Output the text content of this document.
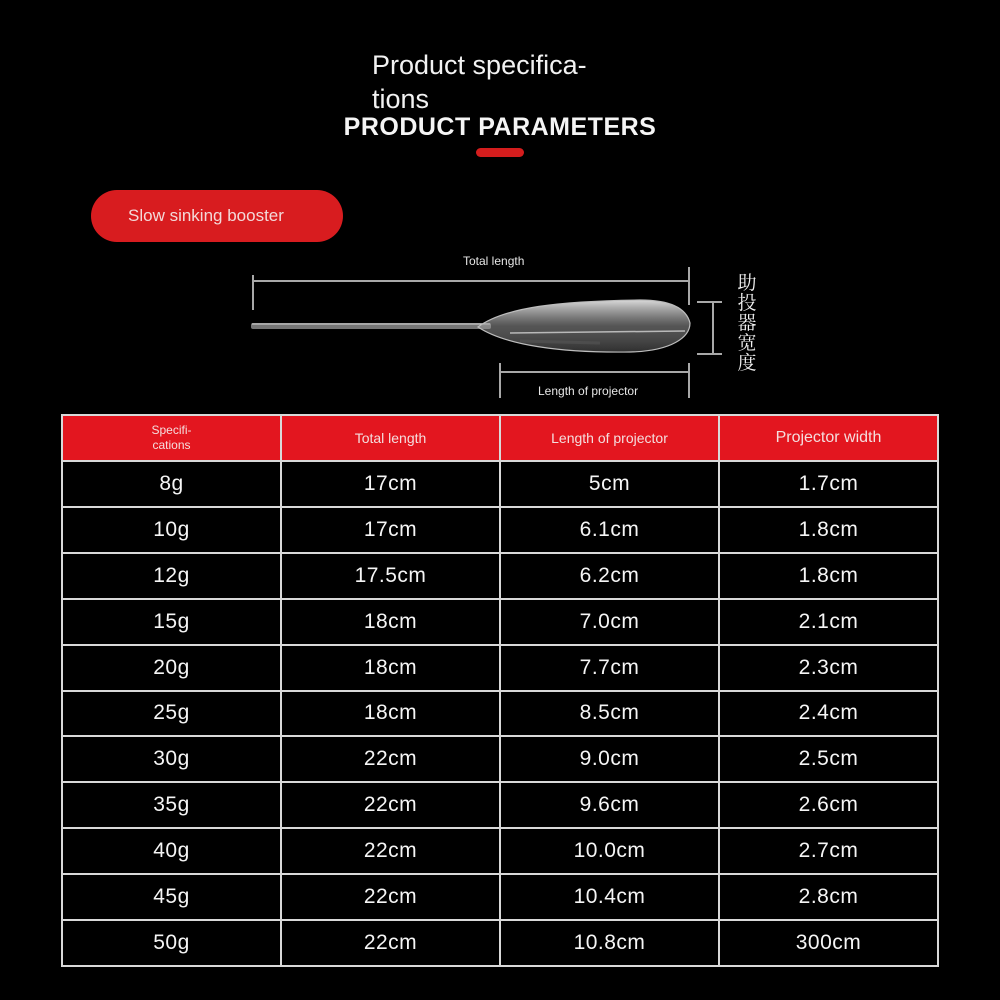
Product specifica-
tions
PRODUCT PARAMETERS
Slow sinking booster
Total length
Length of projector
助
投
器
宽
度
Specifi-
cations	Total length	Length of projector	Projector width
8g	17cm	5cm	1.7cm
10g	17cm	6.1cm	1.8cm
12g	17.5cm	6.2cm	1.8cm
15g	18cm	7.0cm	2.1cm
20g	18cm	7.7cm	2.3cm
25g	18cm	8.5cm	2.4cm
30g	22cm	9.0cm	2.5cm
35g	22cm	9.6cm	2.6cm
40g	22cm	10.0cm	2.7cm
45g	22cm	10.4cm	2.8cm
50g	22cm	10.8cm	300cm
